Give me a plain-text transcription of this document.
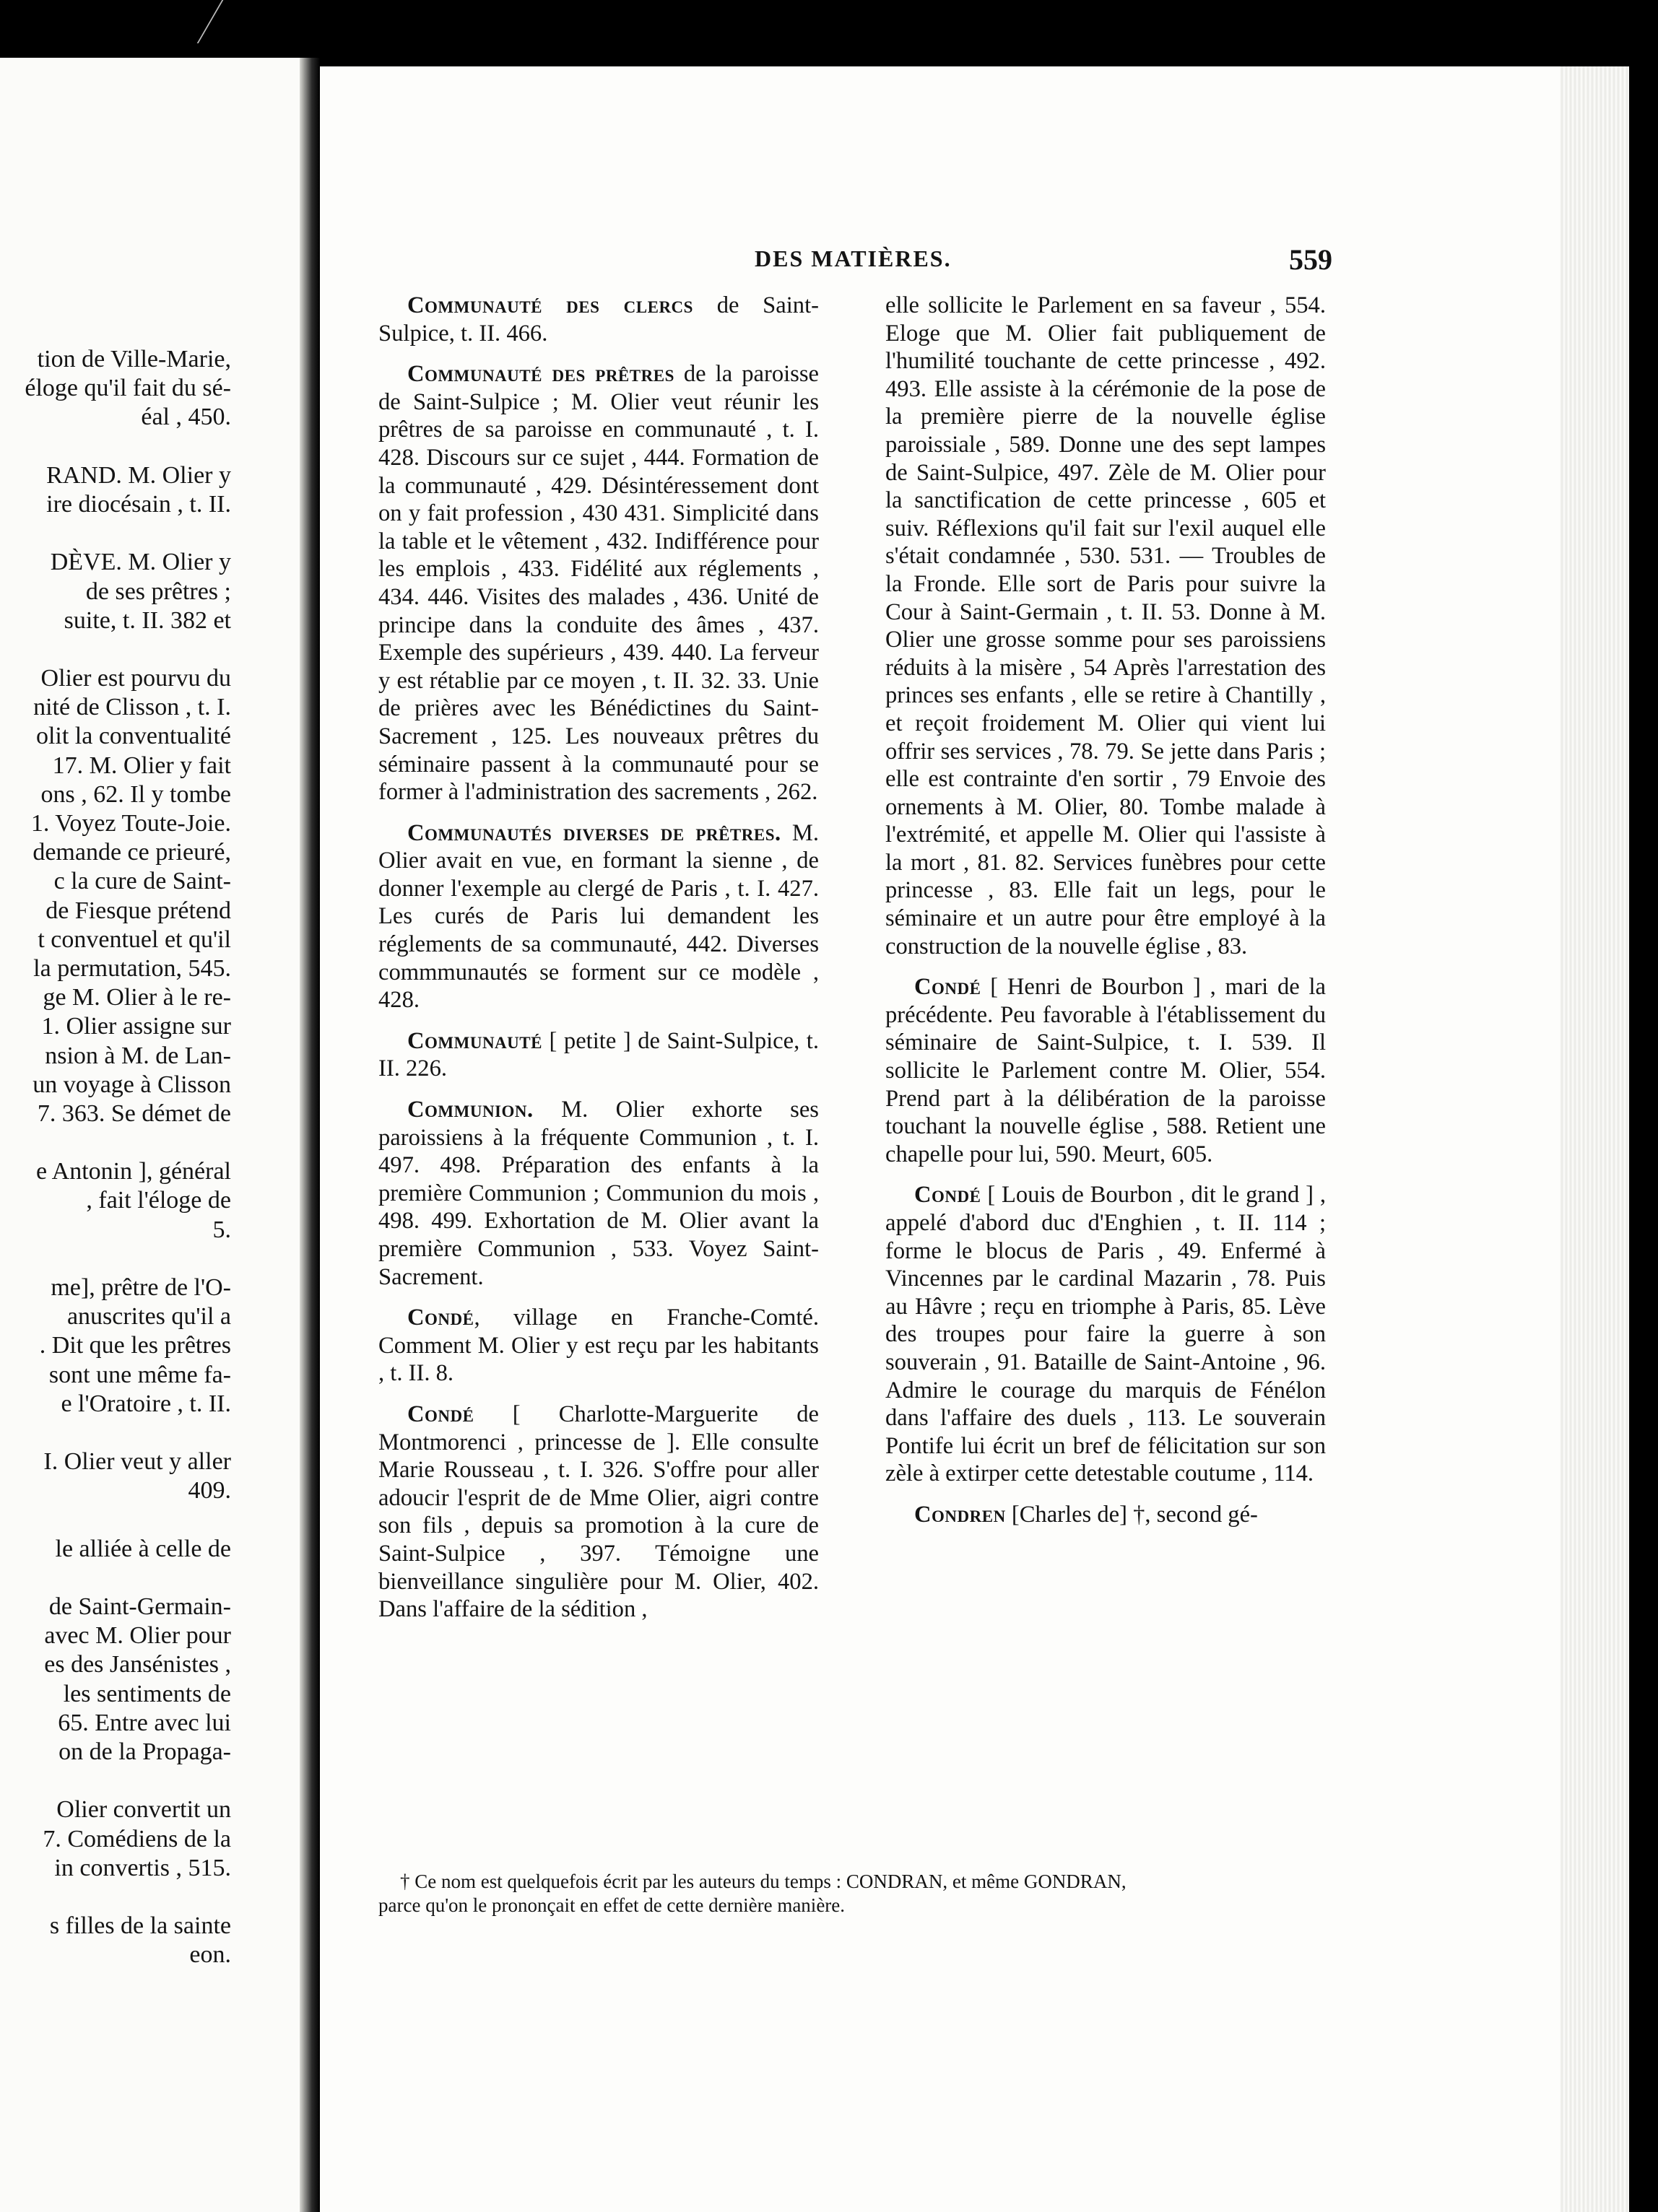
tion de Ville-Marie,
éloge qu'il fait du sé-
éal , 450.

RAND. M. Olier y
ire diocésain , t. II.

DÈVE. M. Olier y
de ses prêtres ;
suite, t. II. 382 et

Olier est pourvu du
nité de Clisson , t. I.
olit la conventualité
17. M. Olier y fait
ons , 62. Il y tombe
1. Voyez Toute-Joie.
demande ce prieuré,
c la cure de Saint-
de Fiesque prétend
t conventuel et qu'il
la permutation, 545.
ge M. Olier à le re-
1. Olier assigne sur
nsion à M. de Lan-
un voyage à Clisson
7. 363. Se démet de

e Antonin ], général
, fait l'éloge de
5.

me], prêtre de l'O-
anuscrites qu'il a
. Dit que les prêtres
sont une même fa-
e l'Oratoire , t. II.

I. Olier veut y aller
409.

le alliée à celle de

de Saint-Germain-
avec M. Olier pour
es des Jansénistes ,
les sentiments de
65. Entre avec lui
on de la Propaga-

Olier convertit un
7. Comédiens de la
in convertis , 515.

s filles de la sainte
eon.
DES MATIÈRES.	559

Communauté des clercs de Saint-Sulpice, t. II. 466.

Communauté des prêtres de la paroisse de Saint-Sulpice ; M. Olier veut réunir les prêtres de sa paroisse en communauté , t. I. 428. Discours sur ce sujet , 444. Formation de la communauté , 429. Désintéressement dont on y fait profession , 430 431. Simplicité dans la table et le vêtement , 432. Indifférence pour les emplois , 433. Fidélité aux réglements , 434. 446. Visites des malades , 436. Unité de principe dans la conduite des âmes , 437. Exemple des supérieurs , 439. 440. La ferveur y est rétablie par ce moyen , t. II. 32. 33. Unie de prières avec les Bénédictines du Saint-Sacrement , 125. Les nouveaux prêtres du séminaire passent à la communauté pour se former à l'administration des sacrements , 262.

Communautés diverses de prêtres. M. Olier avait en vue, en formant la sienne , de donner l'exemple au clergé de Paris , t. I. 427. Les curés de Paris lui demandent les réglements de sa communauté, 442. Diverses commmunautés se forment sur ce modèle , 428.

Communauté [ petite ] de Saint-Sulpice, t. II. 226.

Communion. M. Olier exhorte ses paroissiens à la fréquente Communion , t. I. 497. 498. Préparation des enfants à la première Communion ; Communion du mois , 498. 499. Exhortation de M. Olier avant la première Communion , 533. Voyez Saint-Sacrement.

Condé, village en Franche-Comté. Comment M. Olier y est reçu par les habitants , t. II. 8.

Condé [ Charlotte-Marguerite de Montmorenci , princesse de ]. Elle consulte Marie Rousseau , t. I. 326. S'offre pour aller adoucir l'esprit de de Mme Olier, aigri contre son fils , depuis sa promotion à la cure de Saint-Sulpice , 397. Témoigne une bienveillance singulière pour M. Olier, 402. Dans l'affaire de la sédition ,

elle sollicite le Parlement en sa faveur , 554. Eloge que M. Olier fait publiquement de l'humilité touchante de cette princesse , 492. 493. Elle assiste à la cérémonie de la pose de la première pierre de la nouvelle église paroissiale , 589. Donne une des sept lampes de Saint-Sulpice, 497. Zèle de M. Olier pour la sanctification de cette princesse , 605 et suiv. Réflexions qu'il fait sur l'exil auquel elle s'était condamnée , 530. 531. — Troubles de la Fronde. Elle sort de Paris pour suivre la Cour à Saint-Germain , t. II. 53. Donne à M. Olier une grosse somme pour ses paroissiens réduits à la misère , 54 Après l'arrestation des princes ses enfants , elle se retire à Chantilly , et reçoit froidement M. Olier qui vient lui offrir ses services , 78. 79. Se jette dans Paris ; elle est contrainte d'en sortir , 79 Envoie des ornements à M. Olier, 80. Tombe malade à l'extrémité, et appelle M. Olier qui l'assiste à la mort , 81. 82. Services funèbres pour cette princesse , 83. Elle fait un legs, pour le séminaire et un autre pour être employé à la construction de la nouvelle église , 83.

Condé [ Henri de Bourbon ] , mari de la précédente. Peu favorable à l'établissement du séminaire de Saint-Sulpice, t. I. 539. Il sollicite le Parlement contre M. Olier, 554. Prend part à la délibération de la paroisse touchant la nouvelle église , 588. Retient une chapelle pour lui, 590. Meurt, 605.

Condé [ Louis de Bourbon , dit le grand ] , appelé d'abord duc d'Enghien , t. II. 114 ; forme le blocus de Paris , 49. Enfermé à Vincennes par le cardinal Mazarin , 78. Puis au Hâvre ; reçu en triomphe à Paris, 85. Lève des troupes pour faire la guerre à son souverain , 91. Bataille de Saint-Antoine , 96. Admire le courage du marquis de Fénélon dans l'affaire des duels , 113. Le souverain Pontife lui écrit un bref de félicitation sur son zèle à extirper cette detestable coutume , 114.

Condren [Charles de] †, second gé-

† Ce nom est quelquefois écrit par les auteurs du temps : CONDRAN, et même GONDRAN,
parce qu'on le prononçait en effet de cette dernière manière.
